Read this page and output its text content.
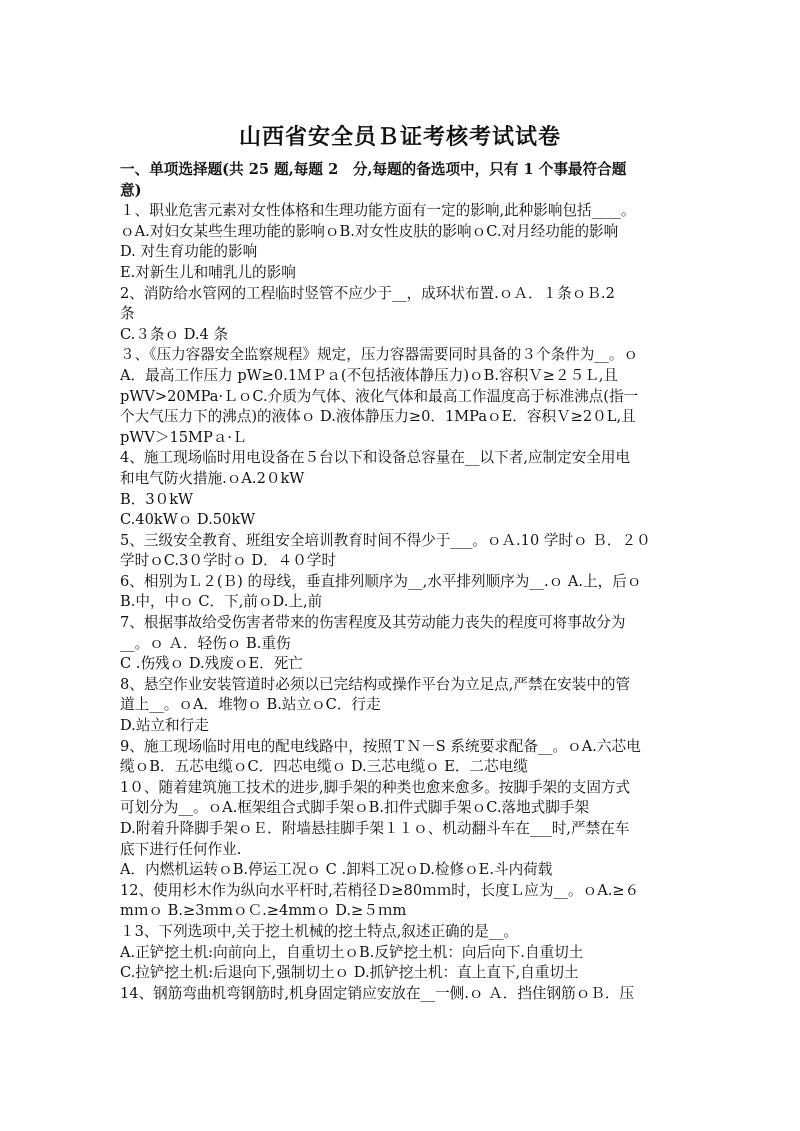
山西省安全员Ｂ证考核考试试卷

一、单项选择题(共 25 题,每题 2　分,每题的备选项中，只有 1 个事最符合题

意)

１、职业危害元素对女性体格和生理功能方面有一定的影响,此种影响包括____。

ｏA.对妇女某些生理功能的影响ｏB.对女性皮肤的影响ｏC.对月经功能的影响

D. 对生育功能的影响

E.对新生儿和哺乳儿的影响

2、消防给水管网的工程临时竖管不应少于__，成环状布置.ｏＡ．１条ｏＢ.2

条

C.３条ｏ D.4 条

３、《压力容器安全监察规程》规定，压力容器需要同时具备的３个条件为__。ｏ

A．最高工作压力 pW≥0.1ＭＰａ(不包括液体静压力)ｏB.容积Ｖ≥２５Ｌ,且

pWV>20MPa·ＬｏC.介质为气体、液化气体和最高工作温度高于标准沸点(指一

个大气压力下的沸点)的液体ｏ D.液体静压力≥0．1MPaｏE．容积Ｖ≥2０L,且

pWV＞15MPａ·Ｌ

4、施工现场临时用电设备在５台以下和设备总容量在__以下者,应制定安全用电

和电气防火措施.ｏA.2０kW

B．3０kW

C.40kWｏ D.50kW

5、三级安全教育、班组安全培训教育时间不得少于___。ｏＡ.10 学时ｏ Ｂ．２０

学时ｏC.3０学时ｏ D．４０学时

6、相别为Ｌ２(Ｂ) 的母线，垂直排列顺序为__,水平排列顺序为__.ｏ A.上，后ｏ

B.中，中ｏ C．下,前ｏD.上,前

7、根据事故给受伤害者带来的伤害程度及其劳动能力丧失的程度可将事故分为

__。ｏ Ａ．轻伤ｏ B.重伤

C .伤残ｏ D.残废ｏE．死亡

8、悬空作业安装管道时必须以已完结构或操作平台为立足点,严禁在安装中的管

道上__。ｏA．堆物ｏ B.站立ｏC．行走

D.站立和行走

9、施工现场临时用电的配电线路中，按照ＴＮ－S 系统要求配备__。ｏA.六芯电

缆ｏB．五芯电缆ｏC．四芯电缆ｏ D.三芯电缆ｏ E．二芯电缆

1０、随着建筑施工技术的进步,脚手架的种类也愈来愈多。按脚手架的支固方式

可划分为__。ｏA.框架组合式脚手架ｏB.扣件式脚手架ｏC.落地式脚手架

D.附着升降脚手架ｏＥ．附墙悬挂脚手架１１ｏ、机动翻斗车在___时,严禁在车

底下进行任何作业.

A．内燃机运转ｏB.停运工况ｏ C .卸料工况ｏD.检修ｏE.斗内荷载

12、使用杉木作为纵向水平杆时,若梢径Ｄ≥80ｍｍ时，长度Ｌ应为__。ｏA.≥６

mｍｏ B.≥3ｍmｏＣ.≥4mmｏ D.≥５ｍm

１3、下列选项中,关于挖土机械的挖土特点,叙述正确的是__。

A.正铲挖土机:向前向上，自重切土ｏB.反铲挖土机：向后向下.自重切土

C.拉铲挖土机:后退向下,强制切土ｏ D.抓铲挖土机：直上直下,自重切土

14、钢筋弯曲机弯钢筋时,机身固定销应安放在__一侧.ｏ Ａ．挡住钢筋ｏＢ．压
